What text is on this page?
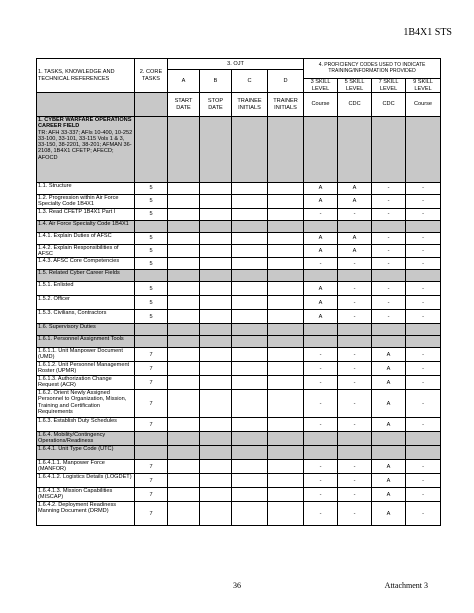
1B4X1 STS
1. TASKS, KNOWLEDGE AND TECHNICAL REFERENCES	2. CORE TASKS	3. OJT				4. PROFICIENCY CODES USED TO INDICATE TRAINING/INFORMATION PROVIDED			
		A	B	C	D				
						3 SKILL LEVEL	5 SKILL LEVEL	7 SKILL LEVEL	9 SKILL LEVEL
		START DATE	STOP DATE	TRAINEE INITIALS	TRAINER INITIALS	Course	CDC	CDC	Course
1. CYBER WARFARE OPERATIONS CAREER FIELD
TR: AFH 33-337; AFIs 10-400, 10-252 33-100, 33-101, 33-115 Vols 1 & 3, 33-150, 38-2201, 38-201; AFMAN 36-2108, 1B4X1 CFETP; AFECD; AFOCD									

1.1. Structure	5					A	A	-	-
1.2. Progression within Air Force Specialty Code 1B4X1	5					A	A	-	-
1.3. Read CFETP 1B4X1 Part I	5					-	-	-	-
1.4. Air Force Specialty Code 1B4X1									
1.4.1. Explain Duties of AFSC	5					A	A	-	-
1.4.2. Explain Responsibilities of AFSC	5					A	A	-	-
1.4.3. AFSC Core Competencies	5					-	-	-	-
1.5. Related Cyber Career Fields									
1.5.1. Enlisted	5					A	-	-	-
1.5.2. Officer	5					A	-	-	-
1.5.3. Civilians, Contractors	5					A	-	-	-
1.6. Supervisory Duties									
1.6.1. Personnel Assignment Tools									
1.6.1.1. Unit Manpower Document (UMD)	7					-	-	A	-
1.6.1.2. Unit Personnel Management Roster (UPMR)	7					-	-	A	-
1.6.1.3. Authorization Change Request (ACR)	7					-	-	A	-
1.6.2. Orient Newly Assigned Personnel to Organization, Mission, Training and Certification Requirements	7					-	-	A	-
1.6.3. Establish Duty Schedules	7					-	-	A	-
1.6.4. Mobility/Contingency Operations/Readiness									
1.6.4.1. Unit Type Code (UTC)									
1.6.4.1.1. Manpower Force (MANFOR)	7					-	-	A	-
1.6.4.1.2. Logistics Details (LOGDET)	7					-	-	A	-
1.6.4.1.3. Mission Capabilities (MISCAP)	7					-	-	A	-
1.6.4.2. Deployment Readiness Manning Document (DRMD)	7					-	-	A	-
36	Attachment 3
